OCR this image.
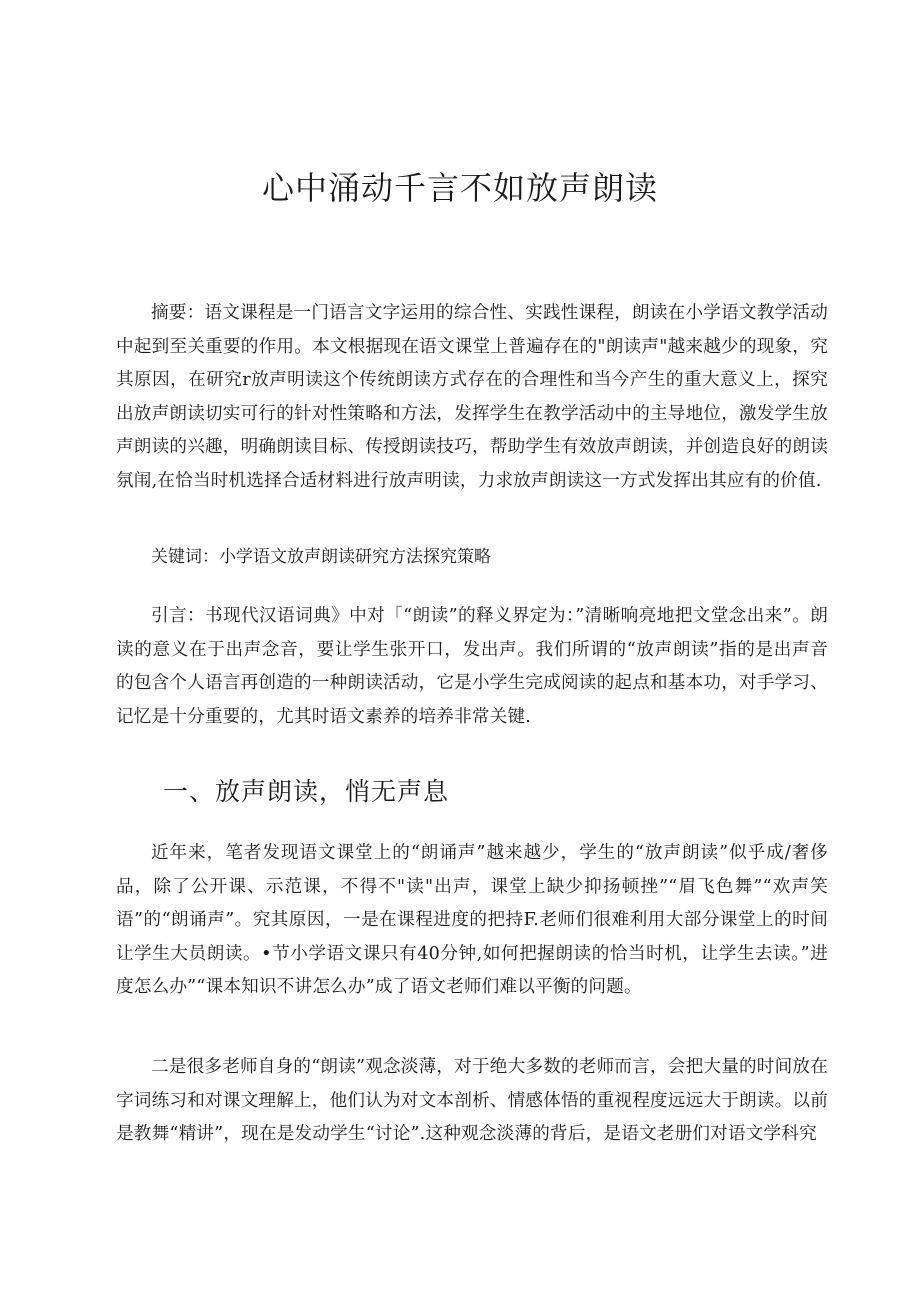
心中涌动千言不如放声朗读

摘要：语文课程是一门语言文字运用的综合性、实践性课程，朗读在小学语文教学活动中起到至关重要的作用。本文根据现在语文课堂上普遍存在的"朗读声"越来越少的现象，究其原因，在研究r放声明读这个传统朗读方式存在的合理性和当今产生的重大意义上，探究出放声朗读切实可行的针对性策略和方法，发挥学生在教学活动中的主导地位，激发学生放声朗读的兴趣，明确朗读目标、传授朗读技巧，帮助学生有效放声朗读，并创造良好的朗读氛闱,在恰当时机选择合适材料进行放声明读，力求放声朗读这一方式发挥出其应有的价值.

关键词：小学语文放声朗读研究方法探究策略

引言：书现代汉语词典》中对「“朗读”的释义界定为：”清晰响亮地把文堂念出来”。朗读的意义在于出声念音，要让学生张开口，发出声。我们所谓的“放声朗读”指的是出声音的包含个人语言再创造的一种朗读活动，它是小学生完成阅读的起点和基本功，对手学习、记忆是十分重要的，尤其时语文素养的培养非常关键.

一、放声朗读，悄无声息

近年来，笔者发现语文课堂上的“朗诵声”越来越少，学生的“放声朗读”似乎成/奢侈品，除了公开课、示范课，不得不"读"出声，课堂上缺少抑扬顿挫”“眉飞色舞”“欢声笑语”的“朗诵声”。究其原因，一是在课程进度的把持F.老师们很难利用大部分课堂上的时间让学生大员朗读。•节小学语文课只有40分钟,如何把握朗读的恰当时机，让学生去读。”进度怎么办”“课本知识不讲怎么办”成了语文老师们难以平衡的问题。

二是很多老师自身的“朗读”观念淡薄，对于绝大多数的老师而言，会把大量的时间放在字词练习和对课文理解上，他们认为对文本剖析、情感体悟的重视程度远远大于朗读。以前是教舞“精讲”，现在是发动学生“讨论”.这种观念淡薄的背后，是语文老册们对语文学科究
